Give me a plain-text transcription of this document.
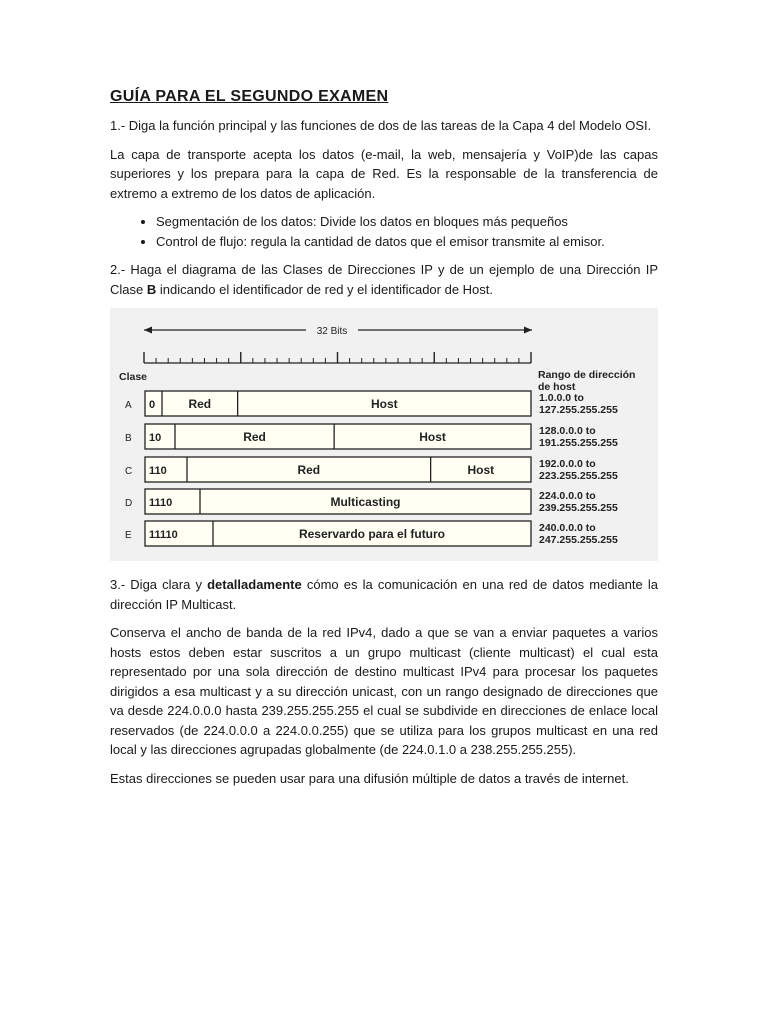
GUÍA PARA EL SEGUNDO EXAMEN

1.- Diga la función principal y las funciones de dos de las tareas de la Capa 4 del Modelo OSI.

La capa de transporte acepta los datos (e-mail, la web, mensajería y VoIP)de las capas superiores y los prepara para la capa de Red. Es la responsable de la transferencia de extremo a extremo de los datos de aplicación.

• Segmentación de los datos: Divide los datos en bloques más pequeños
• Control de flujo: regula la cantidad de datos que el emisor transmite al emisor.

2.- Haga el diagrama de las Clases de Direcciones IP y de un ejemplo de una Dirección IP Clase B indicando el identificador de red y el identificador de Host.

32 Bits
Clase	Rango de dirección
de host
A 0	Red	Host	1.0.0.0 to
127.255.255.255
B 10	Red	Host	128.0.0.0 to
191.255.255.255
C 110	Red	Host	192.0.0.0 to
223.255.255.255
D 1110	Multicasting	224.0.0.0 to
239.255.255.255
E 11110	Reservardo para el futuro	240.0.0.0 to
247.255.255.255

3.- Diga clara y detalladamente cómo es la comunicación en una red de datos mediante la dirección IP Multicast.

Conserva el ancho de banda de la red IPv4, dado a que se van a enviar paquetes a varios hosts estos deben estar suscritos a un grupo multicast (cliente multicast) el cual esta representado por una sola dirección de destino multicast IPv4 para procesar los paquetes dirigidos a esa multicast y a su dirección unicast, con un rango designado de direcciones que va desde 224.0.0.0 hasta 239.255.255.255 el cual se subdivide en direcciones de enlace local reservados (de 224.0.0.0 a 224.0.0.255) que se utiliza para los grupos multicast en una red local y las direcciones agrupadas globalmente (de 224.0.1.0 a 238.255.255.255).

Estas direcciones se pueden usar para una difusión múltiple de datos a través de internet.
